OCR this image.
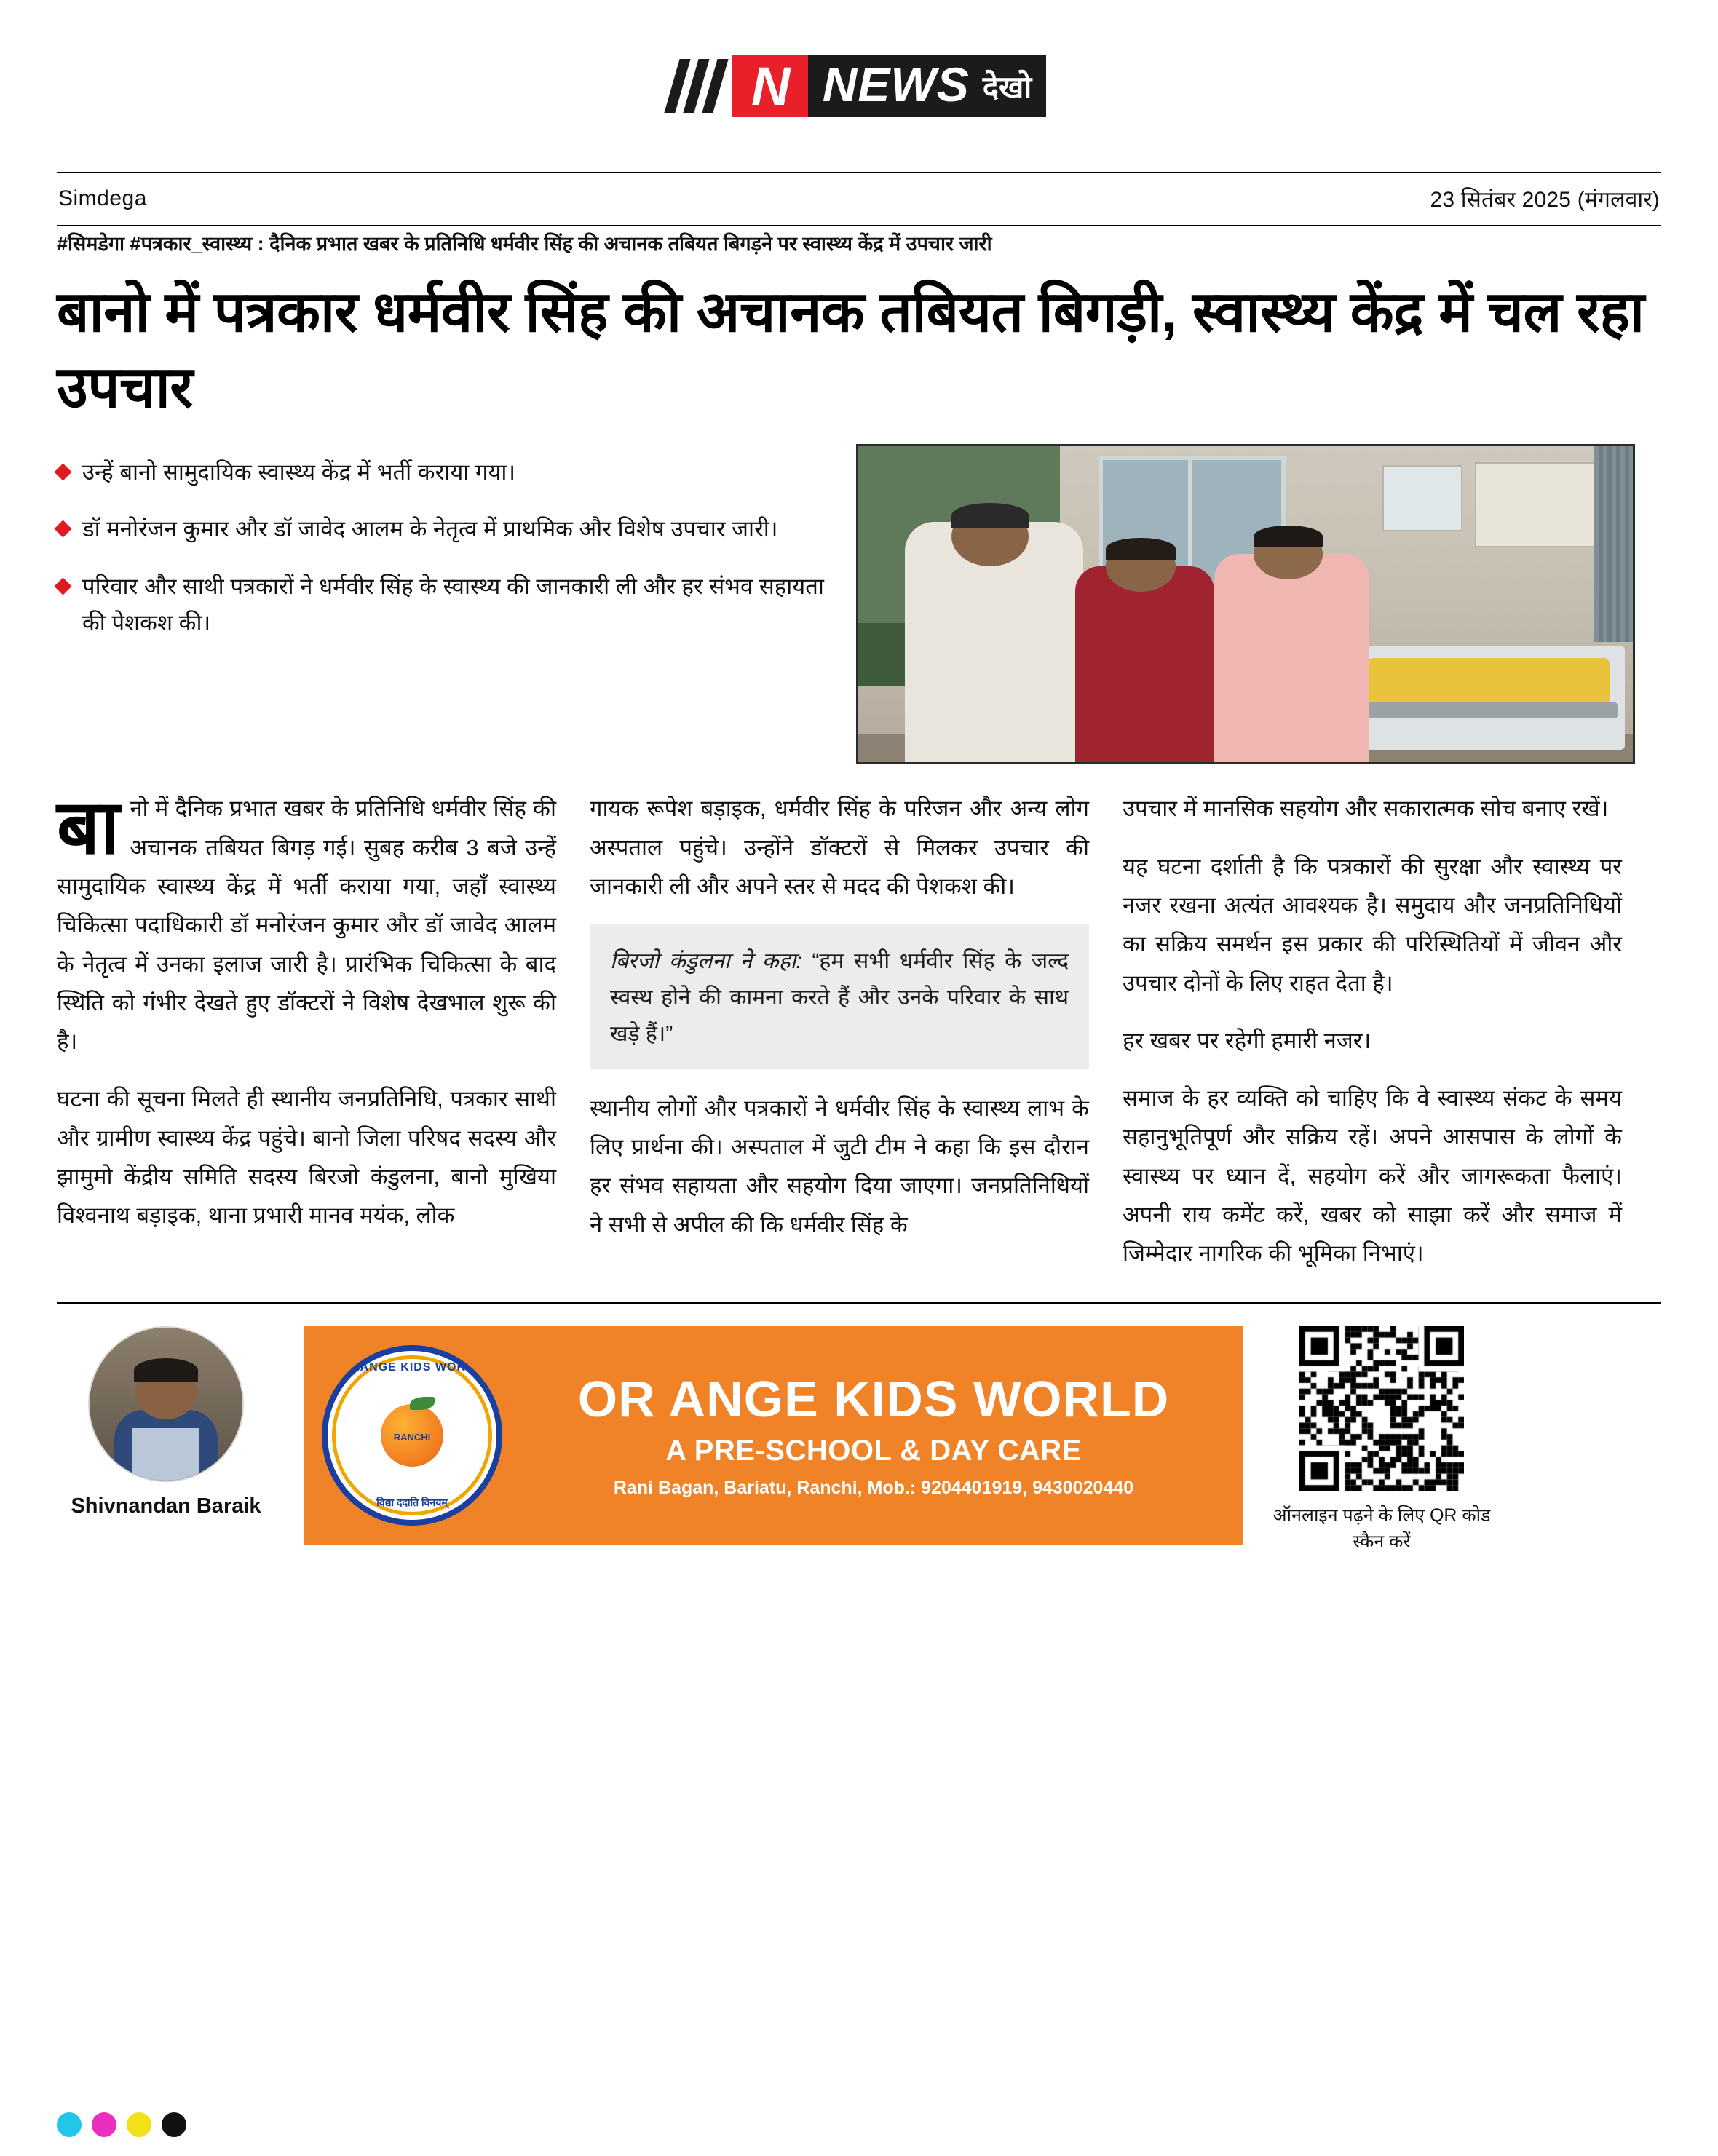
N NEWS देखो
Simdega	23 सितंबर 2025 (मंगलवार)
#सिमडेगा #पत्रकार_स्वास्थ्य : दैनिक प्रभात खबर के प्रतिनिधि धर्मवीर सिंह की अचानक तबियत बिगड़ने पर स्वास्थ्य केंद्र में उपचार जारी
बानो में पत्रकार धर्मवीर सिंह की अचानक तबियत बिगड़ी, स्वास्थ्य केंद्र में चल रहा उपचार
उन्हें बानो सामुदायिक स्वास्थ्य केंद्र में भर्ती कराया गया।
डॉ मनोरंजन कुमार और डॉ जावेद आलम के नेतृत्व में प्राथमिक और विशेष उपचार जारी।
परिवार और साथी पत्रकारों ने धर्मवीर सिंह के स्वास्थ्य की जानकारी ली और हर संभव सहायता की पेशकश की।

बानो में दैनिक प्रभात खबर के प्रतिनिधि धर्मवीर सिंह की अचानक तबियत बिगड़ गई। सुबह करीब 3 बजे उन्हें सामुदायिक स्वास्थ्य केंद्र में भर्ती कराया गया, जहाँ स्वास्थ्य चिकित्सा पदाधिकारी डॉ मनोरंजन कुमार और डॉ जावेद आलम के नेतृत्व में उनका इलाज जारी है। प्रारंभिक चिकित्सा के बाद स्थिति को गंभीर देखते हुए डॉक्टरों ने विशेष देखभाल शुरू की है।

घटना की सूचना मिलते ही स्थानीय जनप्रतिनिधि, पत्रकार साथी और ग्रामीण स्वास्थ्य केंद्र पहुंचे। बानो जिला परिषद सदस्य और झामुमो केंद्रीय समिति सदस्य बिरजो कंडुलना, बानो मुखिया विश्वनाथ बड़ाइक, थाना प्रभारी मानव मयंक, लोक

गायक रूपेश बड़ाइक, धर्मवीर सिंह के परिजन और अन्य लोग अस्पताल पहुंचे। उन्होंने डॉक्टरों से मिलकर उपचार की जानकारी ली और अपने स्तर से मदद की पेशकश की।

बिरजो कंडुलना ने कहा: “हम सभी धर्मवीर सिंह के जल्द स्वस्थ होने की कामना करते हैं और उनके परिवार के साथ खड़े हैं।”

स्थानीय लोगों और पत्रकारों ने धर्मवीर सिंह के स्वास्थ्य लाभ के लिए प्रार्थना की। अस्पताल में जुटी टीम ने कहा कि इस दौरान हर संभव सहायता और सहयोग दिया जाएगा। जनप्रतिनिधियों ने सभी से अपील की कि धर्मवीर सिंह के

उपचार में मानसिक सहयोग और सकारात्मक सोच बनाए रखें।

यह घटना दर्शाती है कि पत्रकारों की सुरक्षा और स्वास्थ्य पर नजर रखना अत्यंत आवश्यक है। समुदाय और जनप्रतिनिधियों का सक्रिय समर्थन इस प्रकार की परिस्थितियों में जीवन और उपचार दोनों के लिए राहत देता है।

हर खबर पर रहेगी हमारी नजर।

समाज के हर व्यक्ति को चाहिए कि वे स्वास्थ्य संकट के समय सहानुभूतिपूर्ण और सक्रिय रहें। अपने आसपास के लोगों के स्वास्थ्य पर ध्यान दें, सहयोग करें और जागरूकता फैलाएं। अपनी राय कमेंट करें, खबर को साझा करें और समाज में जिम्मेदार नागरिक की भूमिका निभाएं।

Shivnandan Baraik
ORANGE KIDS WORLD
RANCHI
विद्या ददाति विनयम्
OR ANGE KIDS WORLD
A PRE-SCHOOL & DAY CARE
Rani Bagan, Bariatu, Ranchi, Mob.: 9204401919, 9430020440
ऑनलाइन पढ़ने के लिए QR कोड स्कैन करें
